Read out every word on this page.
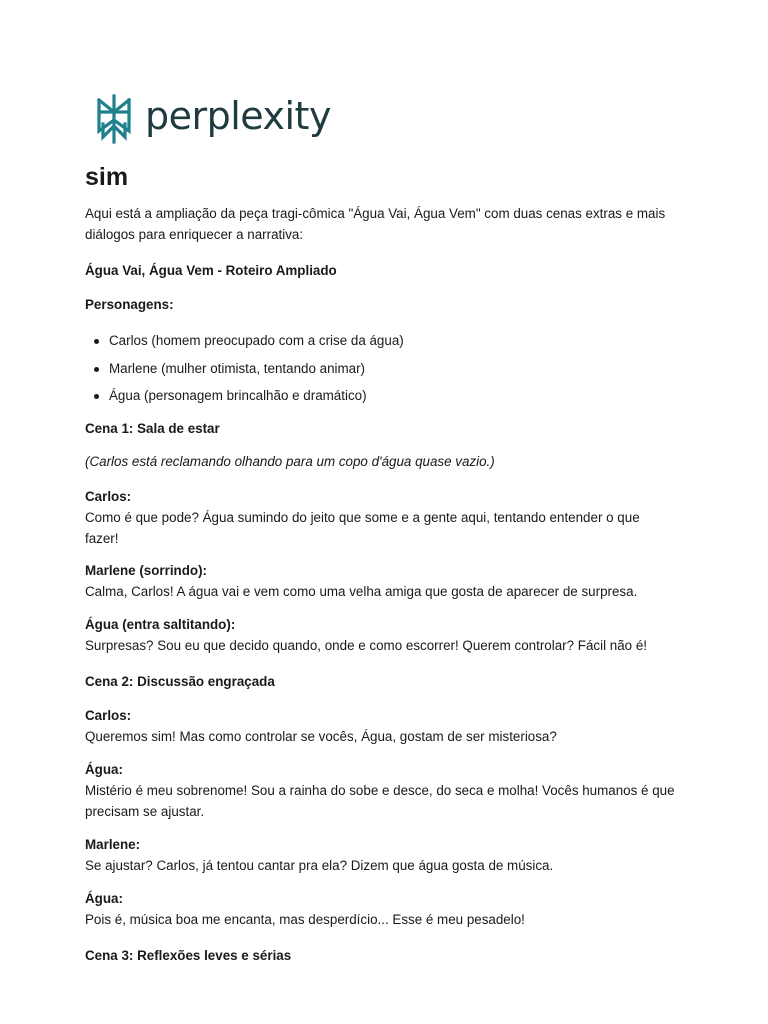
perplexity
sim

Aqui está a ampliação da peça tragi-cômica "Água Vai, Água Vem" com duas cenas extras e mais diálogos para enriquecer a narrativa:

Água Vai, Água Vem - Roteiro Ampliado

Personagens:

Carlos (homem preocupado com a crise da água)
Marlene (mulher otimista, tentando animar)
Água (personagem brincalhão e dramático)

Cena 1: Sala de estar

(Carlos está reclamando olhando para um copo d'água quase vazio.)

Carlos:
Como é que pode? Água sumindo do jeito que some e a gente aqui, tentando entender o que fazer!
Marlene (sorrindo):
Calma, Carlos! A água vai e vem como uma velha amiga que gosta de aparecer de surpresa.
Água (entra saltitando):
Surpresas? Sou eu que decido quando, onde e como escorrer! Querem controlar? Fácil não é!

Cena 2: Discussão engraçada

Carlos:
Queremos sim! Mas como controlar se vocês, Água, gostam de ser misteriosa?
Água:
Mistério é meu sobrenome! Sou a rainha do sobe e desce, do seca e molha! Vocês humanos é que precisam se ajustar.
Marlene:
Se ajustar? Carlos, já tentou cantar pra ela? Dizem que água gosta de música.
Água:
Pois é, música boa me encanta, mas desperdício... Esse é meu pesadelo!

Cena 3: Reflexões leves e sérias
